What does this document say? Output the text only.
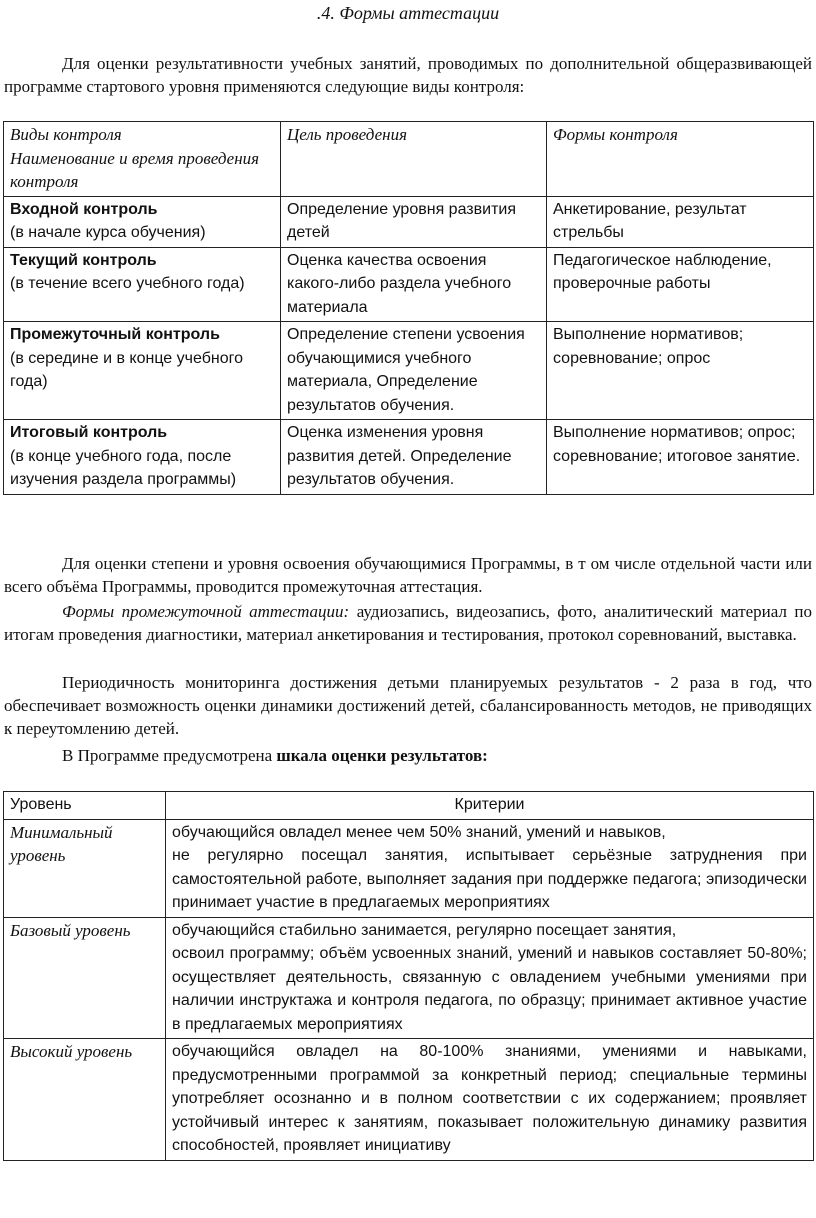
.4. Формы аттестации

Для оценки результативности учебных занятий, проводимых по дополнительной общеразвивающей программе стартового уровня применяются следующие виды контроля:

Виды контроля
Наименование и время проведения контроля	Цель проведения	Формы контроля

Входной контроль
(в начале курса обучения)	Определение уровня развития детей	Анкетирование, результат стрельбы

Текущий контроль
(в течение всего учебного года)	Оценка качества освоения какого-либо раздела учебного материала	Педагогическое наблюдение, проверочные работы

Промежуточный контроль
(в середине и в конце учебного года)	Определение степени усвоения обучающимися учебного материала, Определение результатов обучения.	Выполнение нормативов; соревнование; опрос

Итоговый контроль
(в конце учебного года, после изучения раздела программы)	Оценка изменения уровня развития детей. Определение результатов обучения.	Выполнение нормативов; опрос; соревнование; итоговое занятие.

Для оценки степени и уровня освоения обучающимися Программы, в т ом числе отдельной части или всего объёма Программы, проводится промежуточная аттестация.

Формы промежуточной аттестации: аудиозапись, видеозапись, фото, аналитический материал по итогам проведения диагностики, материал анкетирования и тестирования, протокол соревнований, выставка.

Периодичность мониторинга достижения детьми планируемых результатов - 2 раза в год, что обеспечивает возможность оценки динамики достижений детей, сбалансированность методов, не приводящих к переутомлению детей.

В Программе предусмотрена шкала оценки результатов:

Уровень	Критерии
Минимальный уровень	обучающийся овладел менее чем 50% знаний, умений и навыков,
не регулярно посещал занятия, испытывает серьёзные затруднения при самостоятельной работе, выполняет задания при поддержке педагога; эпизодически принимает участие в предлагаемых мероприятиях

Базовый уровень	обучающийся стабильно занимается, регулярно посещает занятия,
освоил программу; объём усвоенных знаний, умений и навыков составляет 50-80%; осуществляет деятельность, связанную с овладением учебными умениями при наличии инструктажа и контроля педагога, по образцу; принимает активное участие в предлагаемых мероприятиях

Высокий уровень	обучающийся овладел на 80-100% знаниями, умениями и навыками, предусмотренными программой за конкретный период; специальные термины употребляет осознанно и в полном соответствии с их содержанием; проявляет устойчивый интерес к занятиям, показывает положительную динамику развития способностей, проявляет инициативу
